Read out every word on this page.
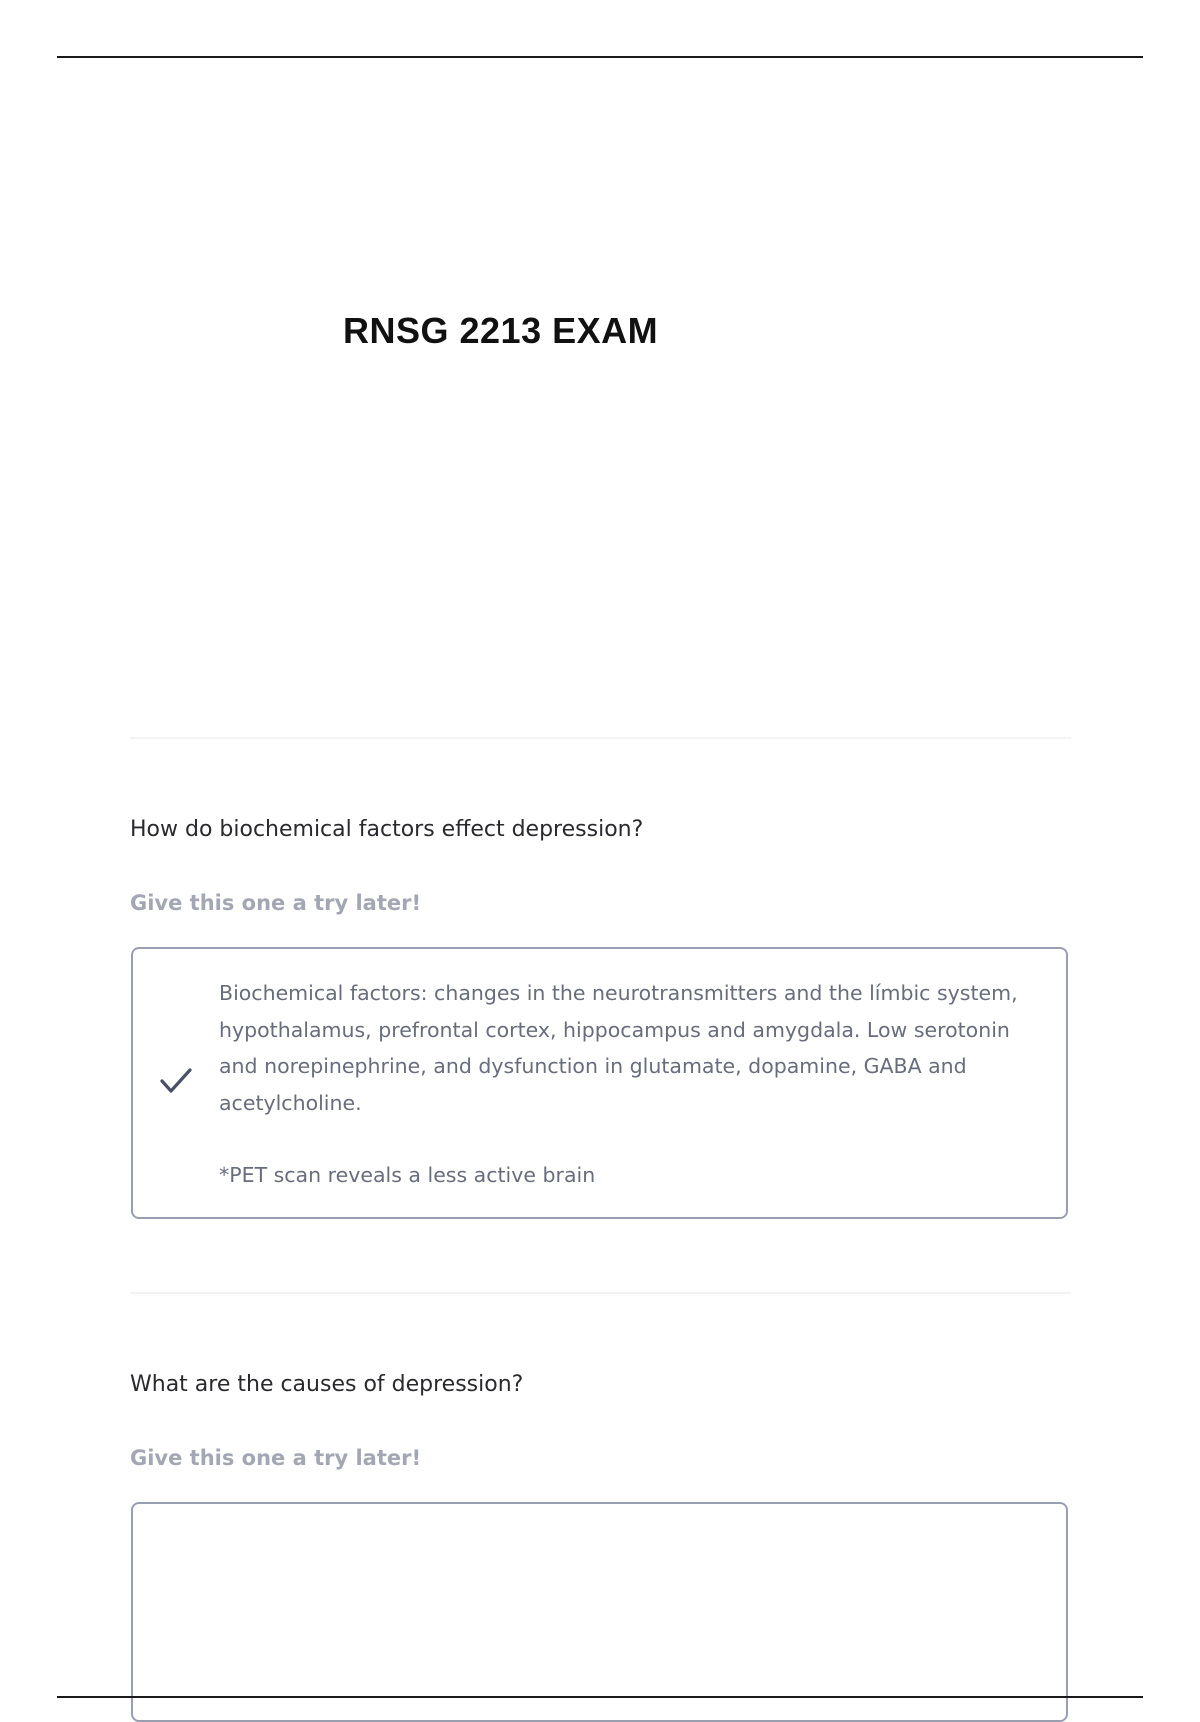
RNSG 2213 EXAM
How do biochemical factors effect depression?
Give this one a try later!

Biochemical factors: changes in the neurotransmitters and the límbic system, hypothalamus, prefrontal cortex, hippocampus and amygdala. Low serotonin and norepinephrine, and dysfunction in glutamate, dopamine, GABA and acetylcholine.

*PET scan reveals a less active brain

What are the causes of depression?
Give this one a try later!
